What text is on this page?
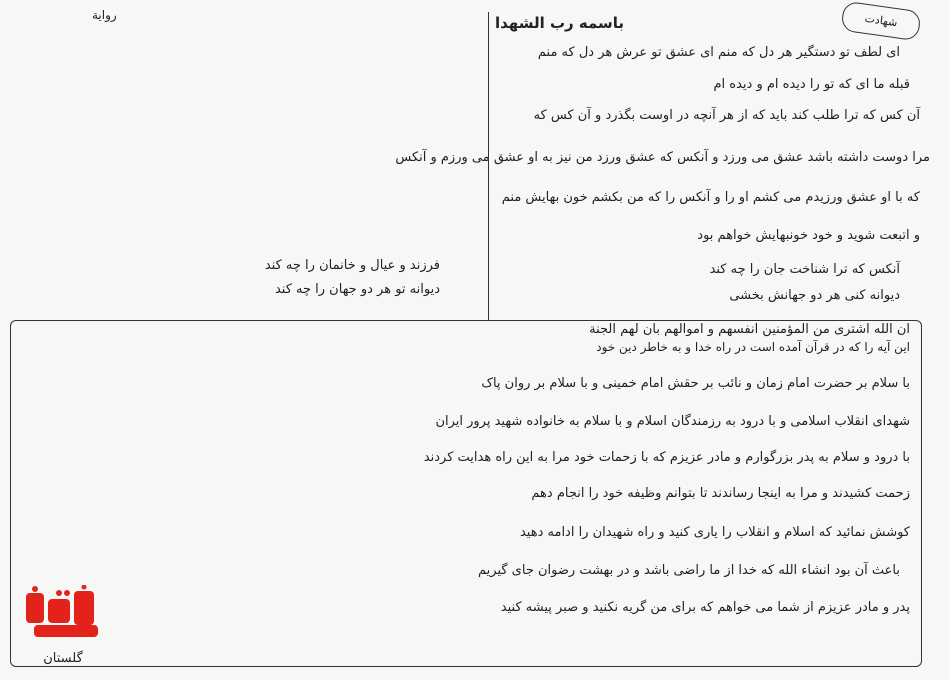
شهادت
رواية	باسمه رب الشهدا
ای لطف تو دستگیر هر دل که منم ای عشق تو عرش هر دل که منم
قبله ما ای که تو را دیده ام و دیده ام
آن کس که ترا طلب کند باید که از هر آنچه در اوست بگذرد و آن کس که
مرا دوست داشته باشد عشق می ورزد و آنکس که عشق ورزد من نیز به او عشق می ورزم و آنکس
که با او عشق ورزیدم می کشم او را و آنکس را که من بکشم خون بهایش منم
و اتبعت شوید و خود خونبهایش خواهم بود
آنکس که ترا شناخت جان را چه کند
دیوانه کنی هر دو جهانش بخشی
فرزند و عیال و خانمان را چه کند
دیوانه تو هر دو جهان را چه کند
ان الله اشتری من المؤمنین انفسهم و اموالهم بان لهم الجنة
این آیه را که در قرآن آمده است در راه خدا و به خاطر دین خود
با سلام بر حضرت امام زمان و نائب بر حقش امام خمینی و با سلام بر روان پاک
شهدای انقلاب اسلامی و با درود به رزمندگان اسلام و با سلام به خانواده شهید پرور ایران
با درود و سلام به پدر بزرگوارم و مادر عزیزم که با زحمات خود مرا به این راه هدایت کردند
زحمت کشیدند و مرا به اینجا رساندند تا بتوانم وظیفه خود را انجام دهم
کوشش نمائید که اسلام و انقلاب را یاری کنید و راه شهیدان را ادامه دهید
باعث آن بود انشاء الله که خدا از ما راضی باشد و در بهشت رضوان جای گیریم
پدر و مادر عزیزم از شما می خواهم که برای من گریه نکنید و صبر پیشه کنید
گلستان
